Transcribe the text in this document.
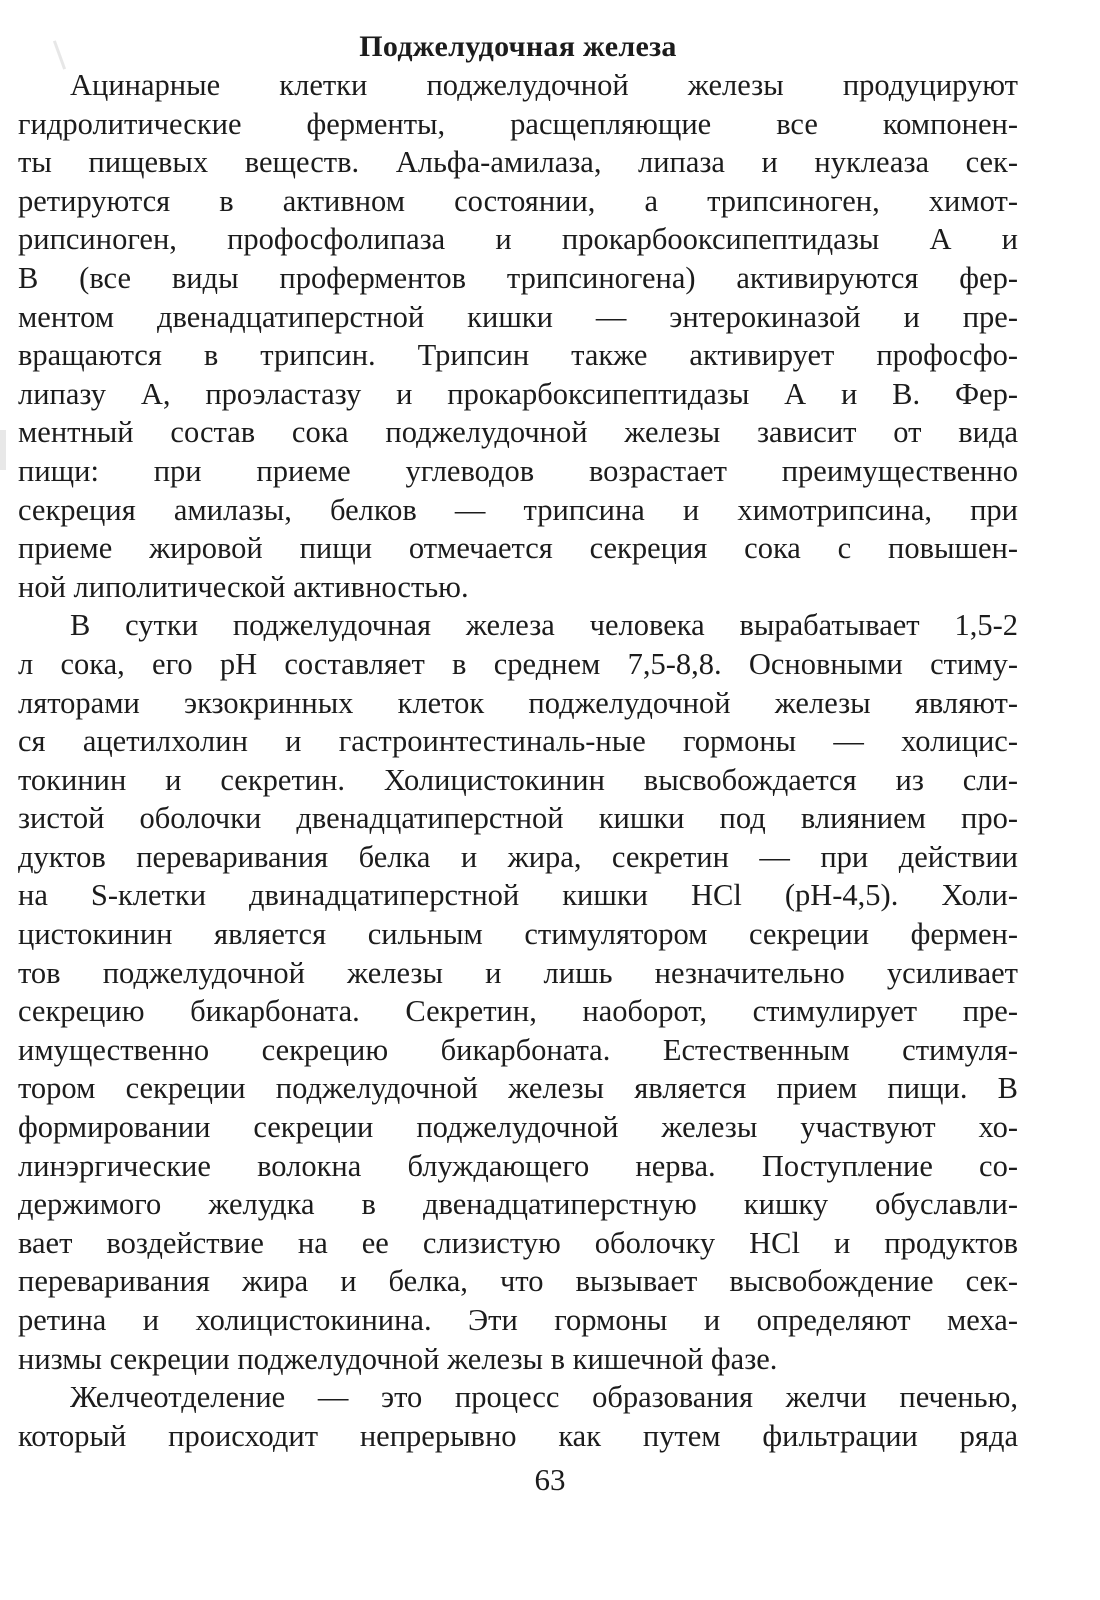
Поджелудочная железа
Ацинарные клетки поджелудочной железы продуцируют
гидролитические ферменты, расщепляющие все компонен-
ты пищевых веществ. Альфа-амилаза, липаза и нуклеаза сек-
ретируются в активном состоянии, а трипсиноген, химот-
рипсиноген, профосфолипаза и прокарбооксипептидазы А и
В (все виды проферментов трипсиногена) активируются фер-
ментом двенадцатиперстной кишки — энтерокиназой и пре-
вращаются в трипсин. Трипсин также активирует профосфо-
липазу А, проэластазу и прокарбоксипептидазы А и В. Фер-
ментный состав сока поджелудочной железы зависит от вида
пищи: при приеме углеводов возрастает преимущественно
секреция амилазы, белков — трипсина и химотрипсина, при
приеме жировой пищи отмечается секреция сока с повышен-
ной липолитической активностью.
В сутки поджелудочная железа человека вырабатывает 1,5-2
л сока, его pH составляет в среднем 7,5-8,8. Основными стиму-
ляторами экзокринных клеток поджелудочной железы являют-
ся ацетилхолин и гастроинтестиналь-ные гормоны — холицис-
токинин и секретин. Холицистокинин высвобождается из сли-
зистой оболочки двенадцатиперстной кишки под влиянием про-
дуктов переваривания белка и жира, секретин — при действии
на S-клетки двинадцатиперстной кишки HCl (pH-4,5). Холи-
цистокинин является сильным стимулятором секреции фермен-
тов поджелудочной железы и лишь незначительно усиливает
секрецию бикарбоната. Секретин, наоборот, стимулирует пре-
имущественно секрецию бикарбоната. Естественным стимуля-
тором секреции поджелудочной железы является прием пищи. В
формировании секреции поджелудочной железы участвуют хо-
линэргические волокна блуждающего нерва. Поступление со-
держимого желудка в двенадцатиперстную кишку обуславли-
вает воздействие на ее слизистую оболочку HCl и продуктов
переваривания жира и белка, что вызывает высвобождение сек-
ретина и холицистокинина. Эти гормоны и определяют меха-
низмы секреции поджелудочной железы в кишечной фазе.
Желчеотделение — это процесс образования желчи печенью,
который происходит непрерывно как путем фильтрации ряда
63
